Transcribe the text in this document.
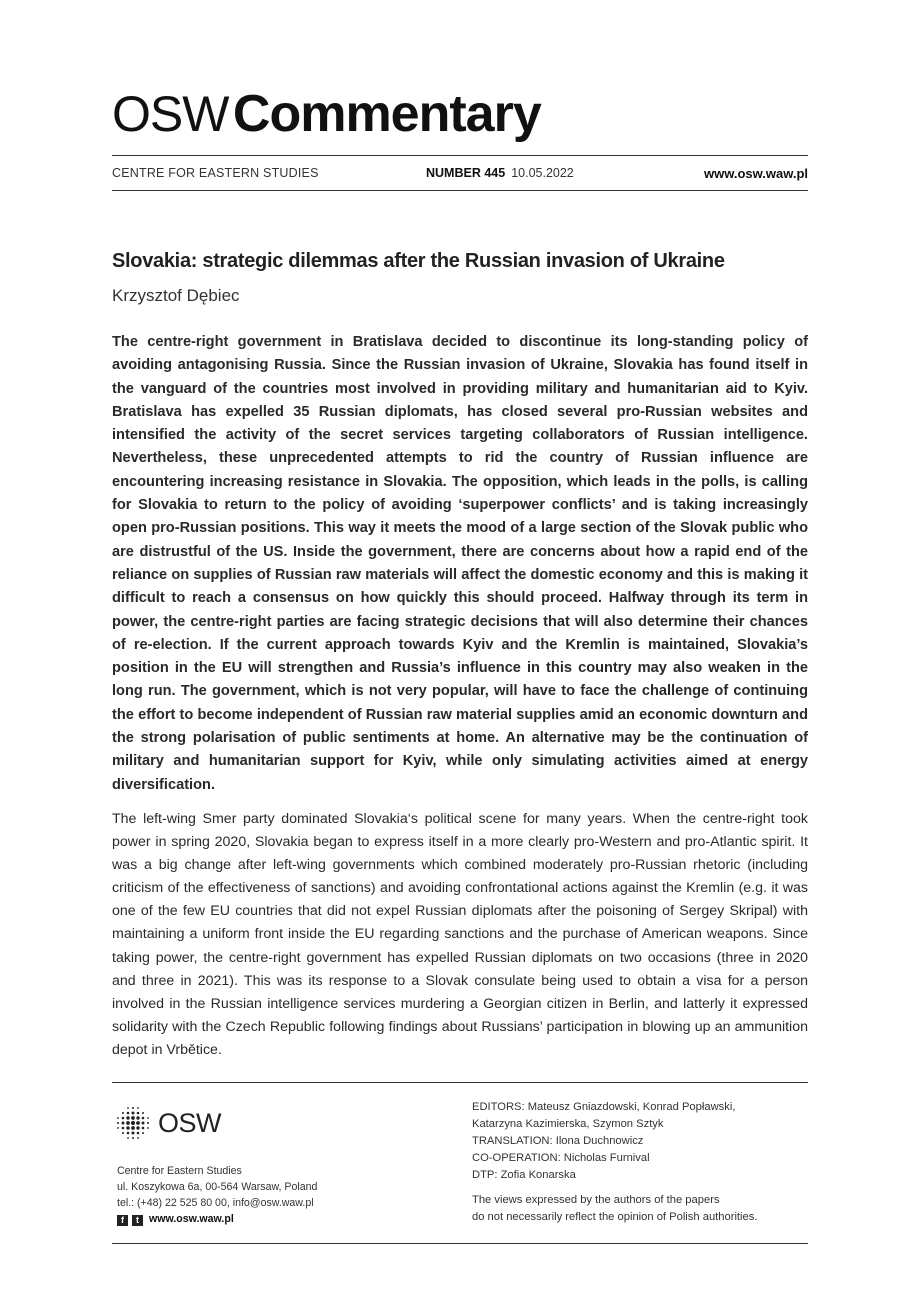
OSW Commentary
CENTRE FOR EASTERN STUDIES	NUMBER 445 10.05.2022	www.osw.waw.pl
Slovakia: strategic dilemmas after the Russian invasion of Ukraine
Krzysztof Dębiec

The centre-right government in Bratislava decided to discontinue its long-standing policy of avoiding antagonising Russia. Since the Russian invasion of Ukraine, Slovakia has found itself in the vanguard of the countries most involved in providing military and humanitarian aid to Kyiv. Bratislava has expelled 35 Russian diplomats, has closed several pro-Russian websites and intensified the activity of the secret services targeting collaborators of Russian intelligence. Nevertheless, these unprecedented attempts to rid the country of Russian influence are encountering increasing resistance in Slovakia. The opposition, which leads in the polls, is calling for Slovakia to return to the policy of avoiding ‘superpower conflicts’ and is taking increasingly open pro-Russian positions. This way it meets the mood of a large section of the Slovak public who are distrustful of the US. Inside the government, there are concerns about how a rapid end of the reliance on supplies of Russian raw materials will affect the domestic economy and this is making it difficult to reach a consensus on how quickly this should proceed. Halfway through its term in power, the centre-right parties are facing strategic decisions that will also determine their chances of re-election. If the current approach towards Kyiv and the Kremlin is maintained, Slovakia’s position in the EU will strengthen and Russia’s influence in this country may also weaken in the long run. The government, which is not very popular, will have to face the challenge of continuing the effort to become independent of Russian raw material supplies amid an economic downturn and the strong polarisation of public sentiments at home. An alternative may be the continuation of military and humanitarian support for Kyiv, while only simulating activities aimed at energy diversification.

The left-wing Smer party dominated Slovakia‘s political scene for many years. When the centre-right took power in spring 2020, Slovakia began to express itself in a more clearly pro-Western and pro-Atlantic spirit. It was a big change after left-wing governments which combined moderately pro-Russian rhetoric (including criticism of the effectiveness of sanctions) and avoiding confrontational actions against the Kremlin (e.g. it was one of the few EU countries that did not expel Russian diplomats after the poisoning of Sergey Skripal) with maintaining a uniform front inside the EU regarding sanctions and the purchase of American weapons. Since taking power, the centre-right government has expelled Russian diplomats on two occasions (three in 2020 and three in 2021). This was its response to a Slovak consulate being used to obtain a visa for a person involved in the Russian intelligence services murdering a Georgian citizen in Berlin, and latterly it expressed solidarity with the Czech Republic following findings about Russians’ participation in blowing up an ammunition depot in Vrbětice.

OSW
Centre for Eastern Studies
ul. Koszykowa 6a, 00-564 Warsaw, Poland
tel.: (+48) 22 525 80 00, info@osw.waw.pl
f	t www.osw.waw.pl
EDITORS: Mateusz Gniazdowski, Konrad Popławski,
Katarzyna Kazimierska, Szymon Sztyk
TRANSLATION: Ilona Duchnowicz
CO-OPERATION: Nicholas Furnival
DTP: Zofia Konarska
The views expressed by the authors of the papers
do not necessarily reflect the opinion of Polish authorities.
